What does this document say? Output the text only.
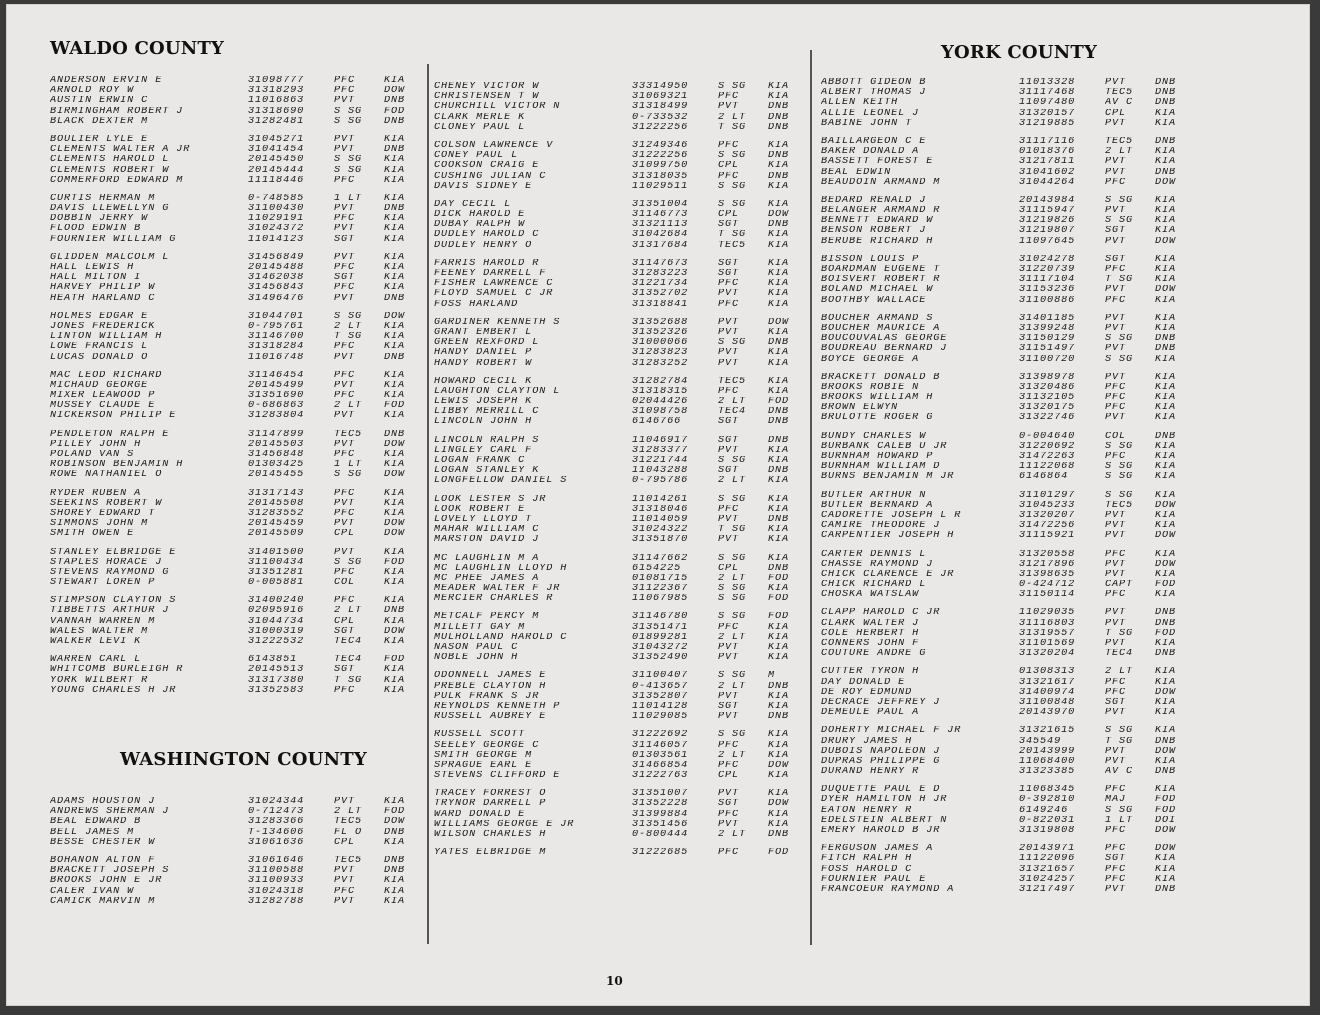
WALDO COUNTY
ANDERSON ERVIN E	31098777	PFC	KIA
ARNOLD ROY W	31318293	PFC	DOW
AUSTIN ERWIN C	11016863	PVT	DNB
BIRMINGHAM ROBERT J	31318690	S SG	FOD
BLACK DEXTER M	31282481	S SG	DNB
BOULIER LYLE E	31045271	PVT	KIA
CLEMENTS WALTER A JR	31041454	PVT	DNB
CLEMENTS HAROLD L	20145450	S SG	KIA
CLEMENTS ROBERT W	20145444	S SG	KIA
COMMERFORD EDWARD M	11118446	PFC	KIA
CURTIS HERMAN M	0-748585	1 LT	KIA
DAVIS LLEWELLYN G	31100430	PVT	DNB
DOBBIN JERRY W	11029191	PFC	KIA
FLOOD EDWIN B	31024372	PVT	KIA
FOURNIER WILLIAM G	11014123	SGT	KIA
GLIDDEN MALCOLM L	31456849	PVT	KIA
HALL LEWIS H	20145488	PFC	KIA
HALL MILTON I	31462038	SGT	KIA
HARVEY PHILIP W	31456843	PFC	KIA
HEATH HARLAND C	31496476	PVT	DNB
HOLMES EDGAR E	31044701	S SG	DOW
JONES FREDERICK	0-795761	2 LT	KIA
LINTON WILLIAM H	31146700	T SG	KIA
LOWE FRANCIS L	31318284	PFC	KIA
LUCAS DONALD O	11016748	PVT	DNB
MAC LEOD RICHARD	31146454	PFC	KIA
MICHAUD GEORGE	20145499	PVT	KIA
MIXER LEAWOOD P	31351690	PFC	KIA
MUSSEY CLAUDE E	0-686863	2 LT	FOD
NICKERSON PHILIP E	31283804	PVT	KIA
PENDLETON RALPH E	31147899	TEC5	DNB
PILLEY JOHN H	20145503	PVT	DOW
POLAND VAN S	31456848	PFC	KIA
ROBINSON BENJAMIN H	01303425	1 LT	KIA
ROWE NATHANIEL O	20145455	S SG	DOW
RYDER RUBEN A	31317143	PFC	KIA
SEEKINS ROBERT W	20145508	PVT	KIA
SHOREY EDWARD T	31283552	PFC	KIA
SIMMONS JOHN M	20145459	PVT	DOW
SMITH OWEN E	20145509	CPL	DOW
STANLEY ELBRIDGE E	31401500	PVT	KIA
STAPLES HORACE J	31100434	S SG	FOD
STEVENS RAYMOND G	31351281	PFC	KIA
STEWART LOREN P	0-005881	COL	KIA
STIMPSON CLAYTON S	31400240	PFC	KIA
TIBBETTS ARTHUR J	02095916	2 LT	DNB
VANNAH WARREN M	31044734	CPL	KIA
WALES WALTER M	31000319	SGT	DOW
WALKER LEVI K	31222532	TEC4	KIA
WARREN CARL L	6143851	TEC4	FOD
WHITCOMB BURLEIGH R	20145513	SGT	KIA
YORK WILBERT R	31317380	T SG	KIA
YOUNG CHARLES H JR	31352583	PFC	KIA
WASHINGTON COUNTY
ADAMS HOUSTON J	31024344	PVT	KIA
ANDREWS SHERMAN J	0-712473	2 LT	FOD
BEAL EDWARD B	31283366	TEC5	DOW
BELL JAMES M	T-134606	FL O	DNB
BESSE CHESTER W	31061636	CPL	KIA
BOHANON ALTON F	31061646	TEC5	DNB
BRACKETT JOSEPH S	31100588	PVT	DNB
BROOKS JOHN E JR	31100933	PVT	KIA
CALER IVAN W	31024318	PFC	KIA
CAMICK MARVIN M	31282788	PVT	KIA
CHENEY VICTOR W	33314950	S SG	KIA
CHRISTENSEN T W	31069321	PFC	KIA
CHURCHILL VICTOR N	31318499	PVT	DNB
CLARK MERLE K	0-733532	2 LT	DNB
CLONEY PAUL L	31222256	T SG	DNB
COLSON LAWRENCE V	31249346	PFC	KIA
CONEY PAUL L	31222256	S SG	DNB
COOKSON CRAIG E	31099750	CPL	KIA
CUSHING JULIAN C	31318035	PFC	DNB
DAVIS SIDNEY E	11029511	S SG	KIA
DAY CECIL L	31351004	S SG	KIA
DICK HAROLD E	31146773	CPL	DOW
DUBAY RALPH W	31321113	SGT	DNB
DUDLEY HAROLD C	31042684	T SG	KIA
DUDLEY HENRY O	31317684	TEC5	KIA
FARRIS HAROLD R	31147673	SGT	KIA
FEENEY DARRELL F	31283223	SGT	KIA
FISHER LAWRENCE C	31221734	PFC	KIA
FLOYD SAMUEL C JR	31352702	PVT	KIA
FOSS HARLAND	31318841	PFC	KIA
GARDINER KENNETH S	31352688	PVT	DOW
GRANT EMBERT L	31352326	PVT	KIA
GREEN REXFORD L	31000066	S SG	DNB
HANDY DANIEL P	31283823	PVT	KIA
HANDY ROBERT W	31283252	PVT	KIA
HOWARD CECIL K	31282784	TEC5	KIA
LAUGHTON CLAYTON L	31318315	PFC	KIA
LEWIS JOSEPH K	02044426	2 LT	FOD
LIBBY MERRILL C	31098758	TEC4	DNB
LINCOLN JOHN H	6146766	SGT	DNB
LINCOLN RALPH S	11046917	SGT	DNB
LINGLEY CARL F	31283377	PVT	KIA
LOGAN FRANK C	31221744	S SG	KIA
LOGAN STANLEY K	11043288	SGT	DNB
LONGFELLOW DANIEL S	0-795786	2 LT	KIA
LOOK LESTER S JR	11014261	S SG	KIA
LOOK ROBERT E	31318046	PFC	KIA
LOVELY LLOYD T	11014059	PVT	DNB
MAHAR WILLIAM C	31024322	T SG	KIA
MARSTON DAVID J	31351870	PVT	KIA
MC LAUGHLIN M A	31147662	S SG	KIA
MC LAUGHLIN LLOYD H	6154225	CPL	DNB
MC PHEE JAMES A	01081715	2 LT	FOD
MEADER WALTER F JR	31122367	S SG	KIA
MERCIER CHARLES R	11067985	S SG	FOD
METCALF PERCY M	31146780	S SG	FOD
MILLETT GAY M	31351471	PFC	KIA
MULHOLLAND HAROLD C	01899281	2 LT	KIA
NASON PAUL C	31043272	PVT	KIA
NOBLE JOHN H	31352490	PVT	KIA
ODONNELL JAMES E	31100407	S SG	M
PREBLE CLAYTON H	0-413657	2 LT	DNB
PULK FRANK S JR	31352807	PVT	KIA
REYNOLDS KENNETH P	11014128	SGT	KIA
RUSSELL AUBREY E	11029085	PVT	DNB
RUSSELL SCOTT	31222692	S SG	KIA
SEELEY GEORGE C	31146057	PFC	KIA
SMITH GEORGE M	01303561	2 LT	KIA
SPRAGUE EARL E	31466854	PFC	DOW
STEVENS CLIFFORD E	31222763	CPL	KIA
TRACEY FORREST O	31351007	PVT	KIA
TRYNOR DARRELL P	31352228	SGT	DOW
WARD DONALD E	31399884	PFC	KIA
WILLIAMS GEORGE E JR	31351456	PVT	KIA
WILSON CHARLES H	0-800444	2 LT	DNB
YATES ELBRIDGE M	31222685	PFC	FOD
YORK COUNTY
ABBOTT GIDEON B	11013328	PVT	DNB
ALBERT THOMAS J	31117468	TEC5	DNB
ALLEN KEITH	11097480	AV C	DNB
ALLIE LEONEL J	31320157	CPL	KIA
BABINE JOHN T	31219885	PVT	KIA
BAILLARGEON C E	31117116	TEC5	DNB
BAKER DONALD A	01018376	2 LT	KIA
BASSETT FOREST E	31217811	PVT	KIA
BEAL EDWIN	31041602	PVT	DNB
BEAUDOIN ARMAND M	31044264	PFC	DOW
BEDARD RENALD J	20143984	S SG	KIA
BELANGER ARMAND R	31115947	PVT	KIA
BENNETT EDWARD W	31219826	S SG	KIA
BENSON ROBERT J	31219807	SGT	KIA
BERUBE RICHARD H	11097645	PVT	DOW
BISSON LOUIS P	31024278	SGT	KIA
BOARDMAN EUGENE T	31220739	PFC	KIA
BOISVERT ROBERT R	31117104	T SG	KIA
BOLAND MICHAEL W	31153236	PVT	DOW
BOOTHBY WALLACE	31100886	PFC	KIA
BOUCHER ARMAND S	31401185	PVT	KIA
BOUCHER MAURICE A	31399248	PVT	KIA
BOUCOUVALAS GEORGE	31150129	S SG	DNB
BOUDREAU BERNARD J	31151497	PVT	DNB
BOYCE GEORGE A	31100720	S SG	KIA
BRACKETT DONALD B	31398978	PVT	KIA
BROOKS ROBIE N	31320486	PFC	KIA
BROOKS WILLIAM H	31132105	PFC	KIA
BROWN ELWYN	31320175	PFC	KIA
BRULOTTE ROGER G	31322746	PVT	KIA
BUNDY CHARLES W	0-004640	COL	DNB
BURBANK CALEB U JR	31220692	S SG	KIA
BURNHAM HOWARD P	31472263	PFC	KIA
BURNHAM WILLIAM D	11122068	S SG	KIA
BURNS BENJAMIN M JR	6146864	S SG	KIA
BUTLER ARTHUR N	31101297	S SG	KIA
BUTLER BERNARD A	31045233	TEC5	DOW
CADORETTE JOSEPH L R	31320207	PVT	KIA
CAMIRE THEODORE J	31472256	PVT	KIA
CARPENTIER JOSEPH H	31115921	PVT	DOW
CARTER DENNIS L	31320558	PFC	KIA
CHASSE RAYMOND J	31217896	PVT	DOW
CHICK CLARENCE E JR	31398635	PVT	KIA
CHICK RICHARD L	0-424712	CAPT	FOD
CHOSKA WATSLAW	31150114	PFC	KIA
CLAPP HAROLD C JR	11029035	PVT	DNB
CLARK WALTER J	31116803	PVT	DNB
COLE HERBERT H	31319557	T SG	FOD
CONNERS JOHN F	31101569	PVT	KIA
COUTURE ANDRE G	31320204	TEC4	DNB
CUTTER TYRON H	01308313	2 LT	KIA
DAY DONALD E	31321617	PFC	KIA
DE ROY EDMUND	31400974	PFC	DOW
DECRACE JEFFREY J	31100848	SGT	KIA
DEMEULE PAUL A	20143970	PVT	KIA
DOHERTY MICHAEL F JR	31321615	S SG	KIA
DRURY JAMES H	345549	T SG	DNB
DUBOIS NAPOLEON J	20143999	PVT	DOW
DUPRAS PHILIPPE G	11068400	PVT	KIA
DURAND HENRY R	31323385	AV C	DNB
DUQUETTE PAUL E D	11068345	PFC	KIA
DYER HAMILTON H JR	0-392810	MAJ	FOD
EATON HENRY R	6149246	S SG	FOD
EDELSTEIN ALBERT N	0-822031	1 LT	DOI
EMERY HAROLD B JR	31319808	PFC	DOW
FERGUSON JAMES A	20143971	PFC	DOW
FITCH RALPH H	11122096	SGT	KIA
FOSS HAROLD C	31321657	PFC	KIA
FOURNIER PAUL E	31024257	PFC	KIA
FRANCOEUR RAYMOND A	31217497	PVT	DNB
10
